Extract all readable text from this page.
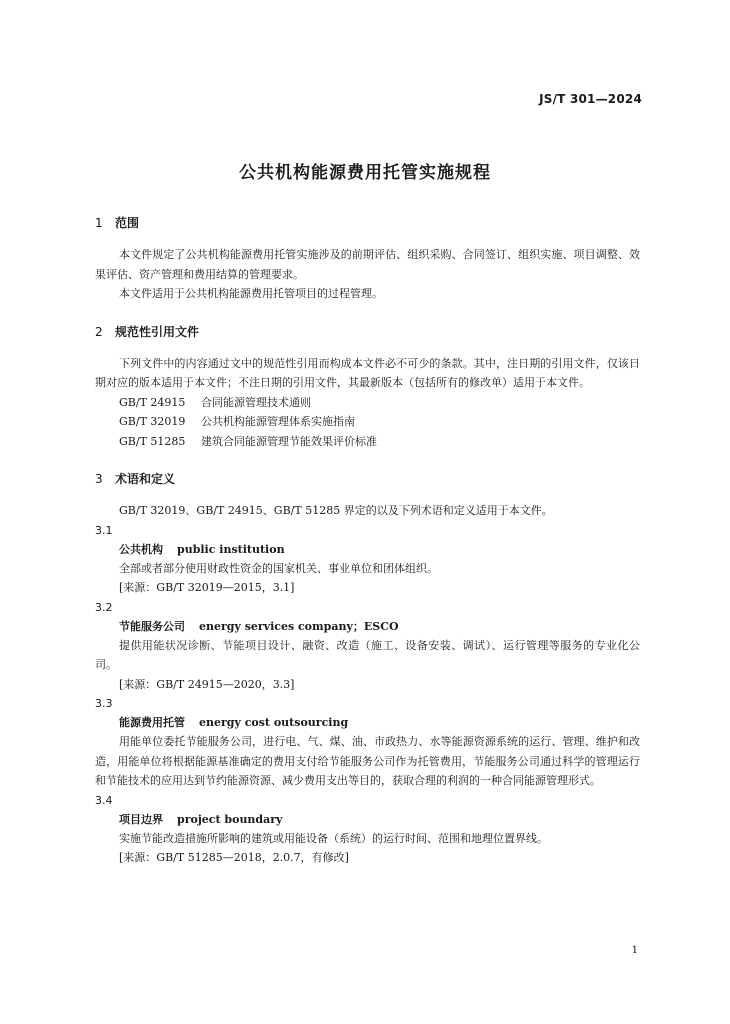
JS/T 301—2024
公共机构能源费用托管实施规程
1 范围

本文件规定了公共机构能源费用托管实施涉及的前期评估、组织采购、合同签订、组织实施、项目调整、效果评估、资产管理和费用结算的管理要求。

本文件适用于公共机构能源费用托管项目的过程管理。

2 规范性引用文件

下列文件中的内容通过文中的规范性引用而构成本文件必不可少的条款。其中，注日期的引用文件，仅该日期对应的版本适用于本文件；不注日期的引用文件，其最新版本（包括所有的修改单）适用于本文件。

GB/T 24915 合同能源管理技术通则
GB/T 32019 公共机构能源管理体系实施指南
GB/T 51285 建筑合同能源管理节能效果评价标准
3 术语和定义

GB/T 32019、GB/T 24915、GB/T 51285 界定的以及下列术语和定义适用于本文件。

3.1
公共机构 public institution

全部或者部分使用财政性资金的国家机关、事业单位和团体组织。

[来源：GB/T 32019—2015，3.1]
3.2
节能服务公司 energy services company；ESCO

提供用能状况诊断、节能项目设计、融资、改造（施工、设备安装、调试）、运行管理等服务的专业化公司。

[来源：GB/T 24915—2020，3.3]
3.3
能源费用托管 energy cost outsourcing

用能单位委托节能服务公司，进行电、气、煤、油、市政热力、水等能源资源系统的运行、管理、维护和改造，用能单位将根据能源基准确定的费用支付给节能服务公司作为托管费用，节能服务公司通过科学的管理运行和节能技术的应用达到节约能源资源、减少费用支出等目的，获取合理的利润的一种合同能源管理形式。

3.4
项目边界 project boundary

实施节能改造措施所影响的建筑或用能设备（系统）的运行时间、范围和地理位置界线。

[来源：GB/T 51285—2018，2.0.7，有修改]
1
